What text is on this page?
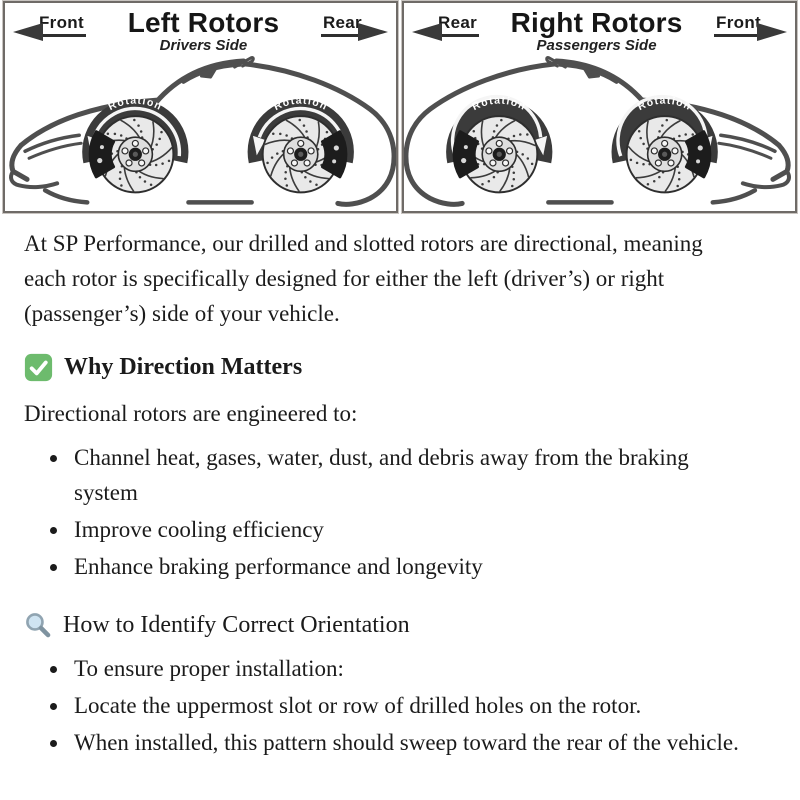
Front Left Rotors
Drivers Side
Rear
Rotation	Rotation
Rear Right Rotors
Passengers Side
Front
Rotation	Rotation

At SP Performance, our drilled and slotted rotors are directional, meaning each rotor is specifically designed for either the left (driver’s) or right (passenger’s) side of your vehicle.

Why Direction Matters

Directional rotors are engineered to:

• Channel heat, gases, water, dust, and debris away from the braking system
• Improve cooling efficiency
• Enhance braking performance and longevity
How to Identify Correct Orientation
• To ensure proper installation:
• Locate the uppermost slot or row of drilled holes on the rotor.
• When installed, this pattern should sweep toward the rear of the vehicle.
